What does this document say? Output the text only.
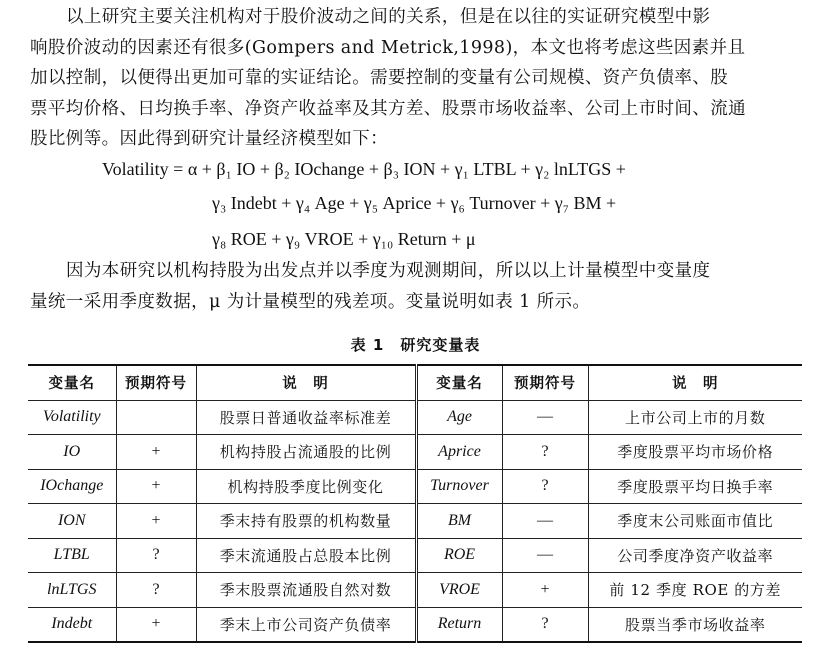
以上研究主要关注机构对于股价波动之间的关系，但是在以往的实证研究模型中影
响股价波动的因素还有很多(Gompers and Metrick,1998)，本文也将考虑这些因素并且
加以控制，以便得出更加可靠的实证结论。需要控制的变量有公司规模、资产负债率、股
票平均价格、日均换手率、净资产收益率及其方差、股票市场收益率、公司上市时间、流通
股比例等。因此得到研究计量经济模型如下：
Volatility = α + β₁ IO + β₂ IOchange + β₃ ION + γ₁ LTBL + γ₂ lnLTGS +
γ₃ Indebt + γ₄ Age + γ₅ Aprice + γ₆ Turnover + γ₇ BM +
γ₈ ROE + γ₉ VROE + γ₁₀ Return + μ
因为本研究以机构持股为出发点并以季度为观测期间，所以以上计量模型中变量度
量统一采用季度数据，μ 为计量模型的残差项。变量说明如表 1 所示。
表 1　研究变量表
变量名	预期符号	说　明	变量名	预期符号	说　明
Volatility		股票日普通收益率标准差	Age	—	上市公司上市的月数
IO	+	机构持股占流通股的比例	Aprice	?	季度股票平均市场价格
IOchange	+	机构持股季度比例变化	Turnover	?	季度股票平均日换手率
ION	+	季末持有股票的机构数量	BM	—	季度末公司账面市值比
LTBL	?	季末流通股占总股本比例	ROE	—	公司季度净资产收益率
lnLTGS	?	季末股票流通股自然对数	VROE	+	前 12 季度 ROE 的方差
Indebt	+	季末上市公司资产负债率	Return	?	股票当季市场收益率
